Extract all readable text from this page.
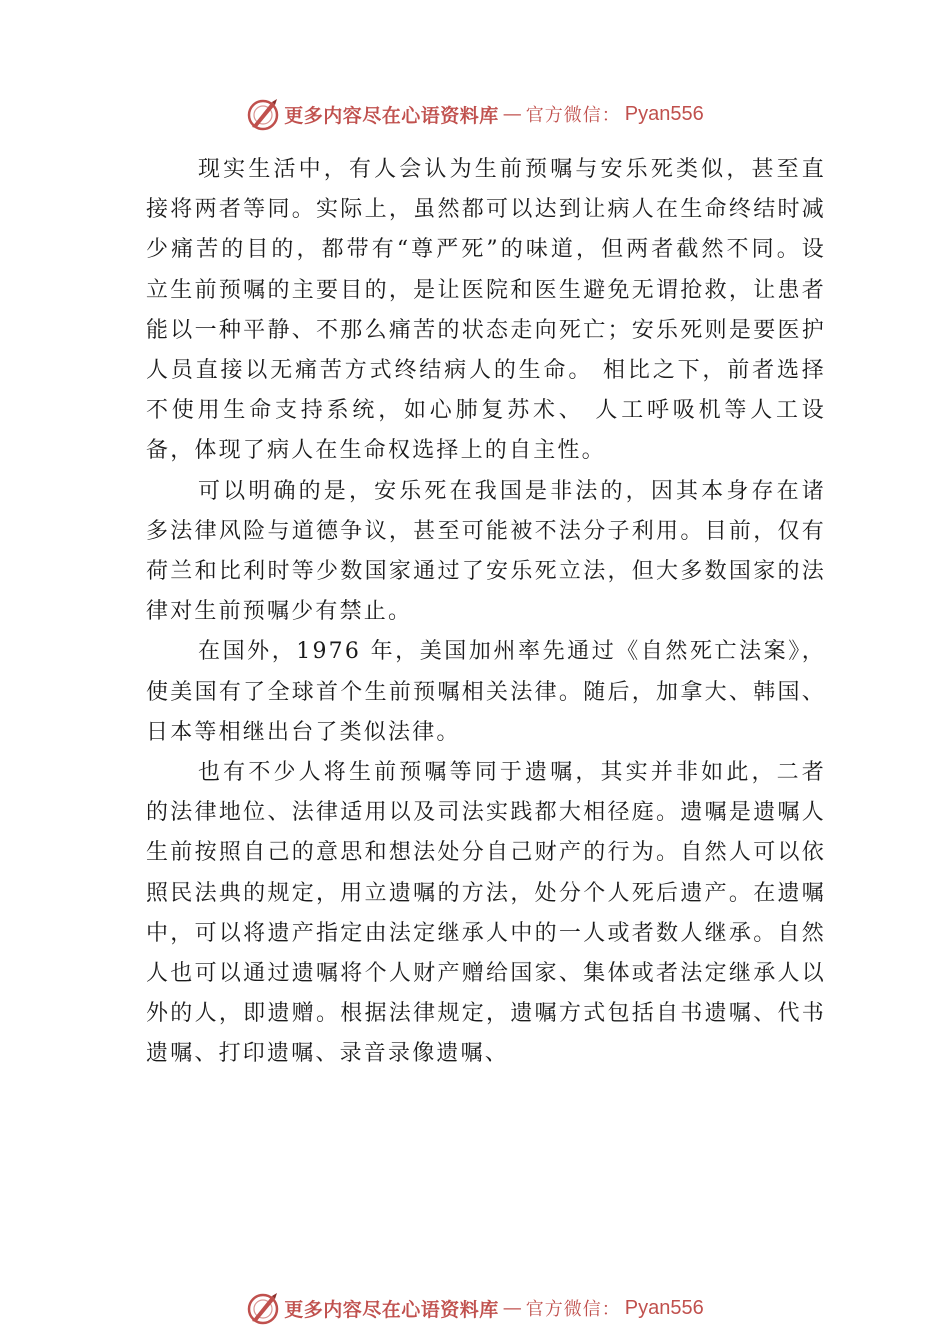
更多内容尽在心语资料库 — 官方微信： Pyan556

现实生活中，有人会认为生前预嘱与安乐死类似，甚至直接将两者等同。实际上，虽然都可以达到让病人在生命终结时减少痛苦的目的，都带有“尊严死”的味道，但两者截然不同。设立生前预嘱的主要目的，是让医院和医生避免无谓抢救，让患者能以一种平静、不那么痛苦的状态走向死亡；安乐死则是要医护人员直接以无痛苦方式终结病人的生命。 相比之下，前者选择不使用生命支持系统，如心肺复苏术、 人工呼吸机等人工设备，体现了病人在生命权选择上的自主性。

可以明确的是，安乐死在我国是非法的，因其本身存在诸多法律风险与道德争议，甚至可能被不法分子利用。目前，仅有荷兰和比利时等少数国家通过了安乐死立法，但大多数国家的法律对生前预嘱少有禁止。

在国外，1976 年，美国加州率先通过《自然死亡法案》，使美国有了全球首个生前预嘱相关法律。随后，加拿大、韩国、日本等相继出台了类似法律。

也有不少人将生前预嘱等同于遗嘱，其实并非如此，二者的法律地位、法律适用以及司法实践都大相径庭。遗嘱是遗嘱人生前按照自己的意思和想法处分自己财产的行为。自然人可以依照民法典的规定，用立遗嘱的方法，处分个人死后遗产。在遗嘱中，可以将遗产指定由法定继承人中的一人或者数人继承。自然人也可以通过遗嘱将个人财产赠给国家、集体或者法定继承人以外的人，即遗赠。根据法律规定，遗嘱方式包括自书遗嘱、代书遗嘱、打印遗嘱、录音录像遗嘱、

更多内容尽在心语资料库 — 官方微信： Pyan556
